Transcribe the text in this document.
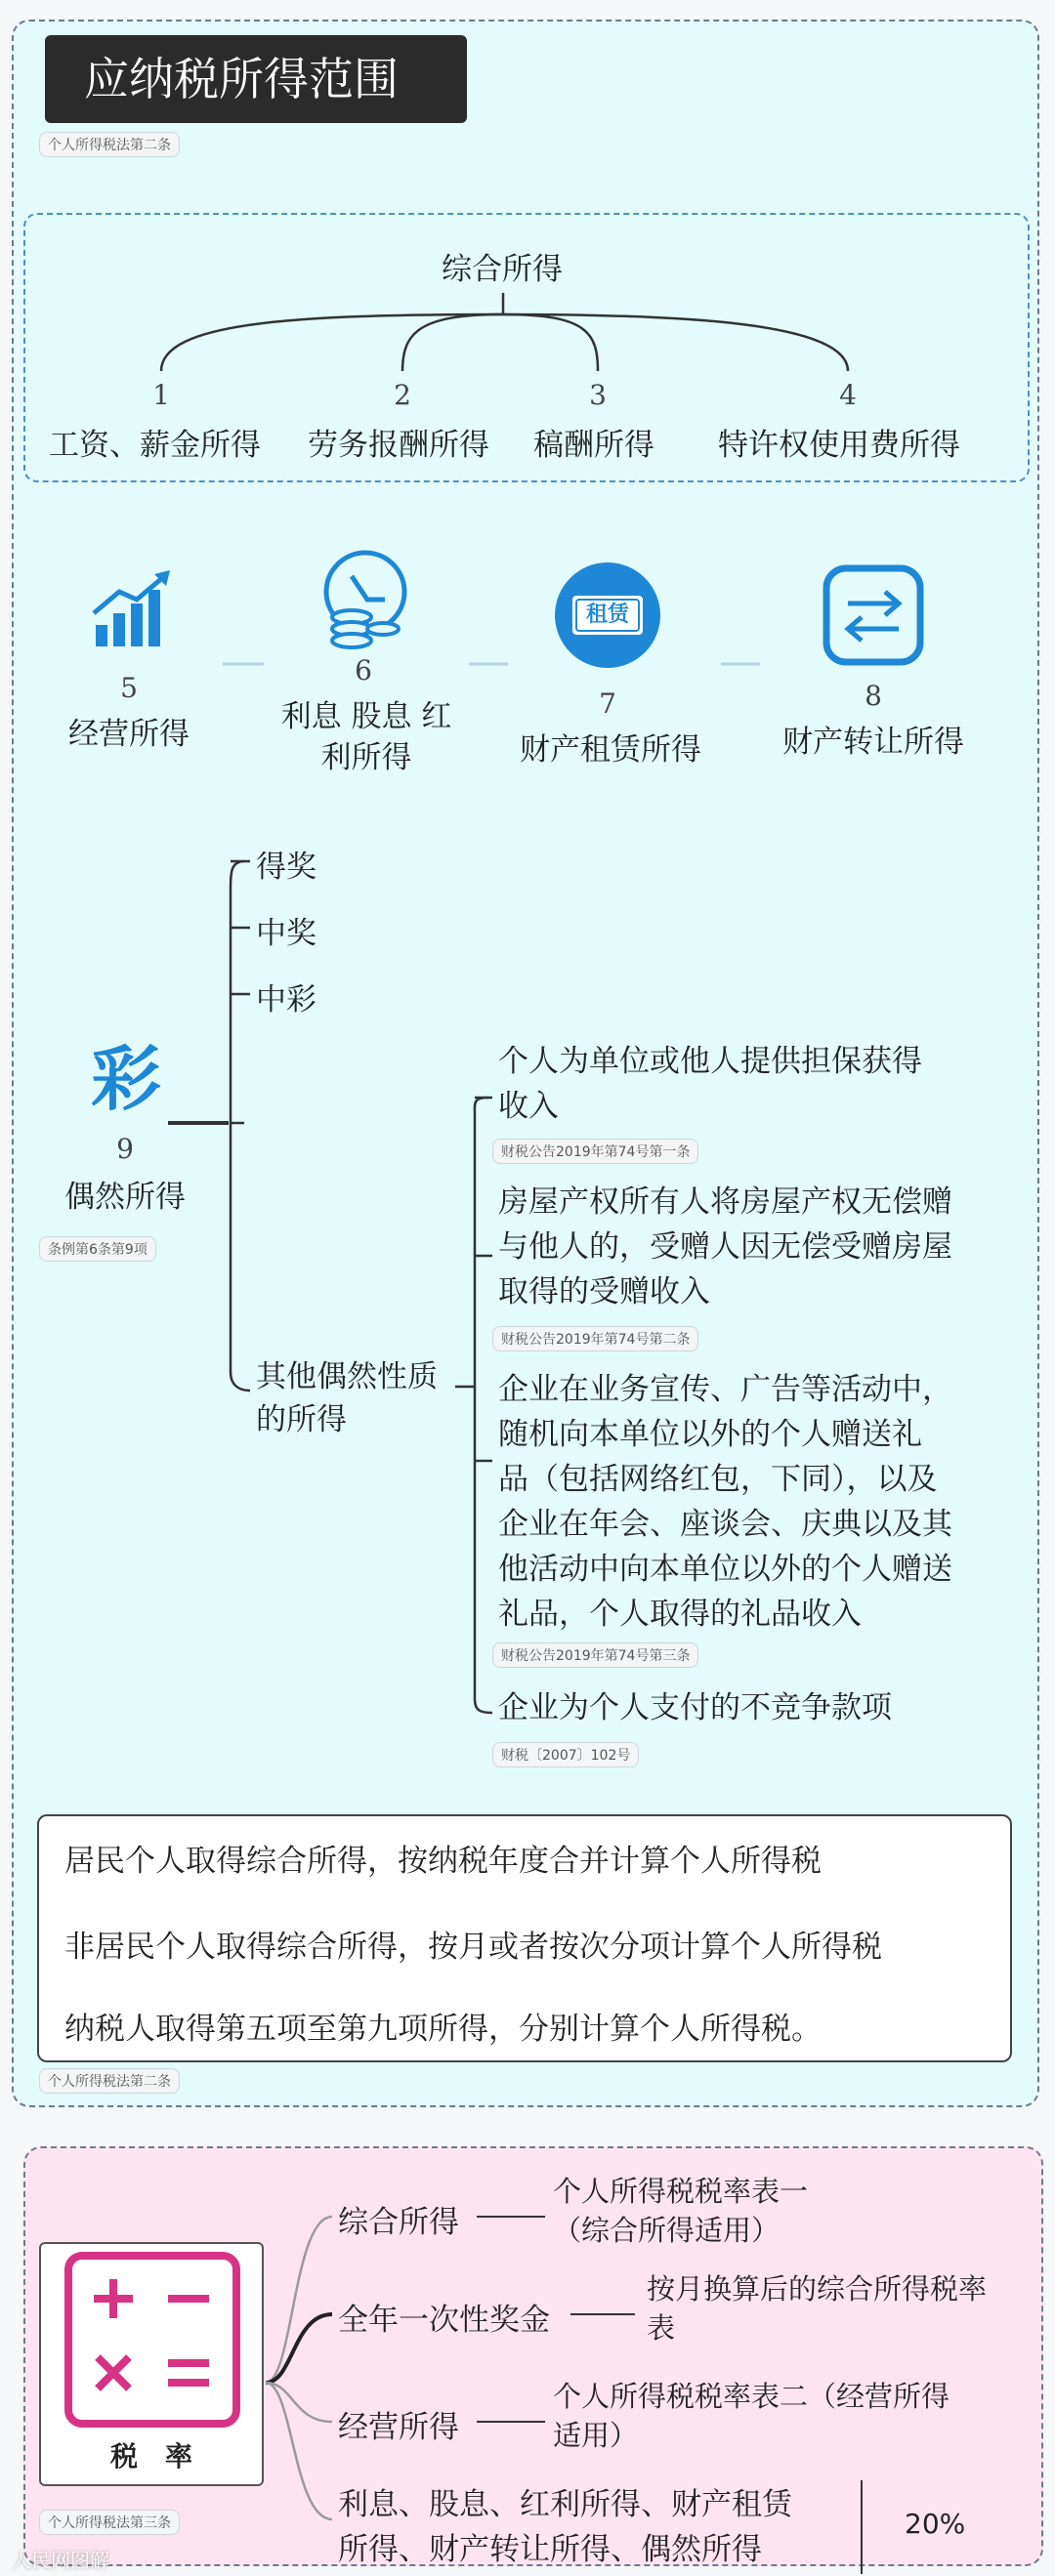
应纳税所得范围
个人所得税法第二条
综合所得
1	2	3	4
工资、薪金所得 劳务报酬所得 稿酬所得 特许权使用费所得
5
经营所得
6
利息 股息 红
利所得
租赁
7
财产租赁所得
8
财产转让所得
彩
9
偶然所得
条例第6条第9项
得奖
中奖
中彩
其他偶然性质
的所得
个人为单位或他人提供担保获得
收入
财税公告2019年第74号第一条
房屋产权所有人将房屋产权无偿赠
与他人的，受赠人因无偿受赠房屋
取得的受赠收入
财税公告2019年第74号第二条
企业在业务宣传、广告等活动中，
随机向本单位以外的个人赠送礼
品（包括网络红包，下同），以及
企业在年会、座谈会、庆典以及其
他活动中向本单位以外的个人赠送
礼品，个人取得的礼品收入
财税公告2019年第74号第三条
企业为个人支付的不竞争款项
财税〔2007〕102号
居民个人取得综合所得，按纳税年度合并计算个人所得税
非居民个人取得综合所得，按月或者按次分项计算个人所得税
纳税人取得第五项至第九项所得，分别计算个人所得税。
个人所得税法第二条
税　率
个人所得税法第三条
综合所得
个人所得税税率表一
（综合所得适用）
全年一次性奖金
按月换算后的综合所得税率
表
经营所得
个人所得税税率表二（经营所得
适用）
利息、股息、红利所得、财产租赁
所得、财产转让所得、偶然所得
20%
人民网图解
